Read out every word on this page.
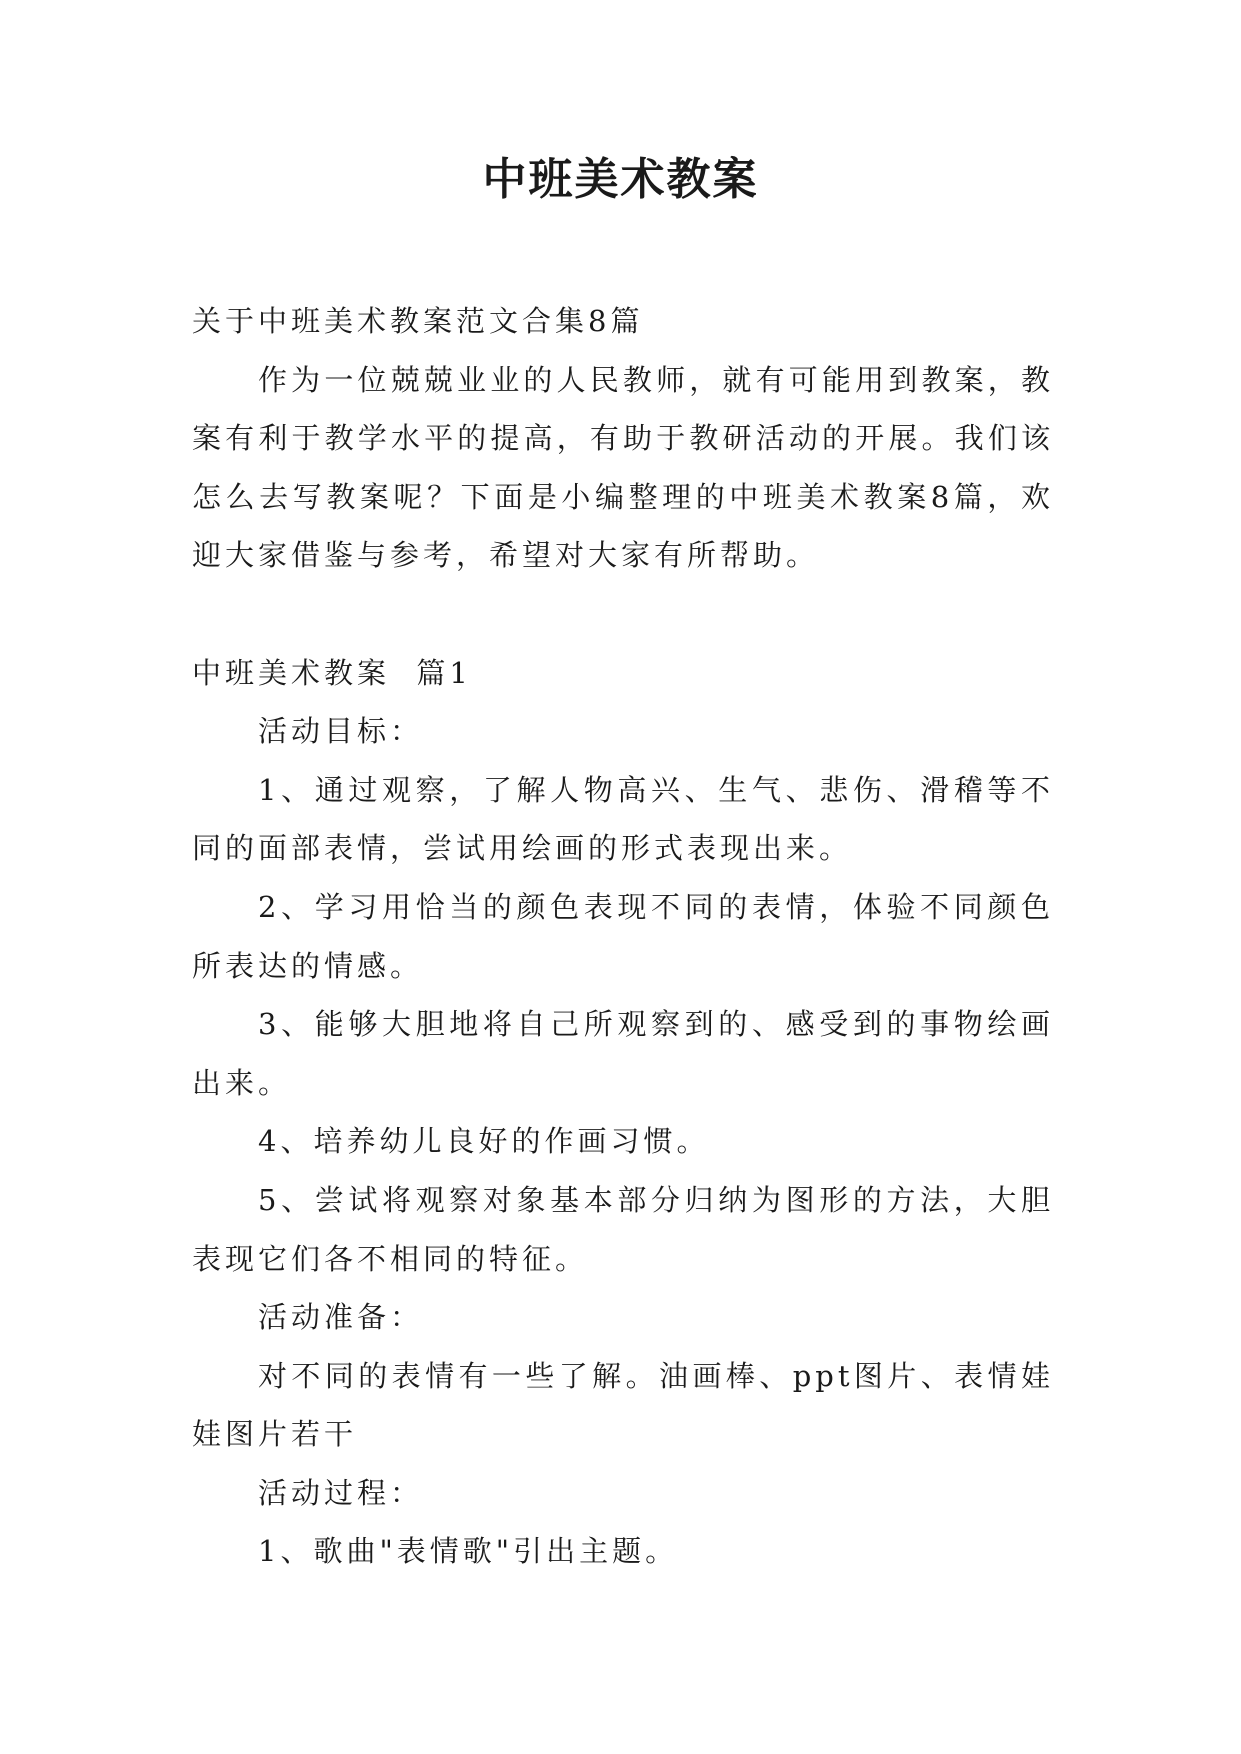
中班美术教案

关于中班美术教案范文合集8篇

作为一位兢兢业业的人民教师，就有可能用到教案，教案有利于教学水平的提高，有助于教研活动的开展。我们该怎么去写教案呢？下面是小编整理的中班美术教案8篇，欢迎大家借鉴与参考，希望对大家有所帮助。

中班美术教案  篇1

活动目标：

1、通过观察，了解人物高兴、生气、悲伤、滑稽等不同的面部表情，尝试用绘画的形式表现出来。

2、学习用恰当的颜色表现不同的表情，体验不同颜色所表达的情感。

3、能够大胆地将自己所观察到的、感受到的事物绘画出来。

4、培养幼儿良好的作画习惯。

5、尝试将观察对象基本部分归纳为图形的方法，大胆表现它们各不相同的特征。

活动准备：

对不同的表情有一些了解。油画棒、ppt图片、表情娃娃图片若干

活动过程：

1、歌曲"表情歌"引出主题。
